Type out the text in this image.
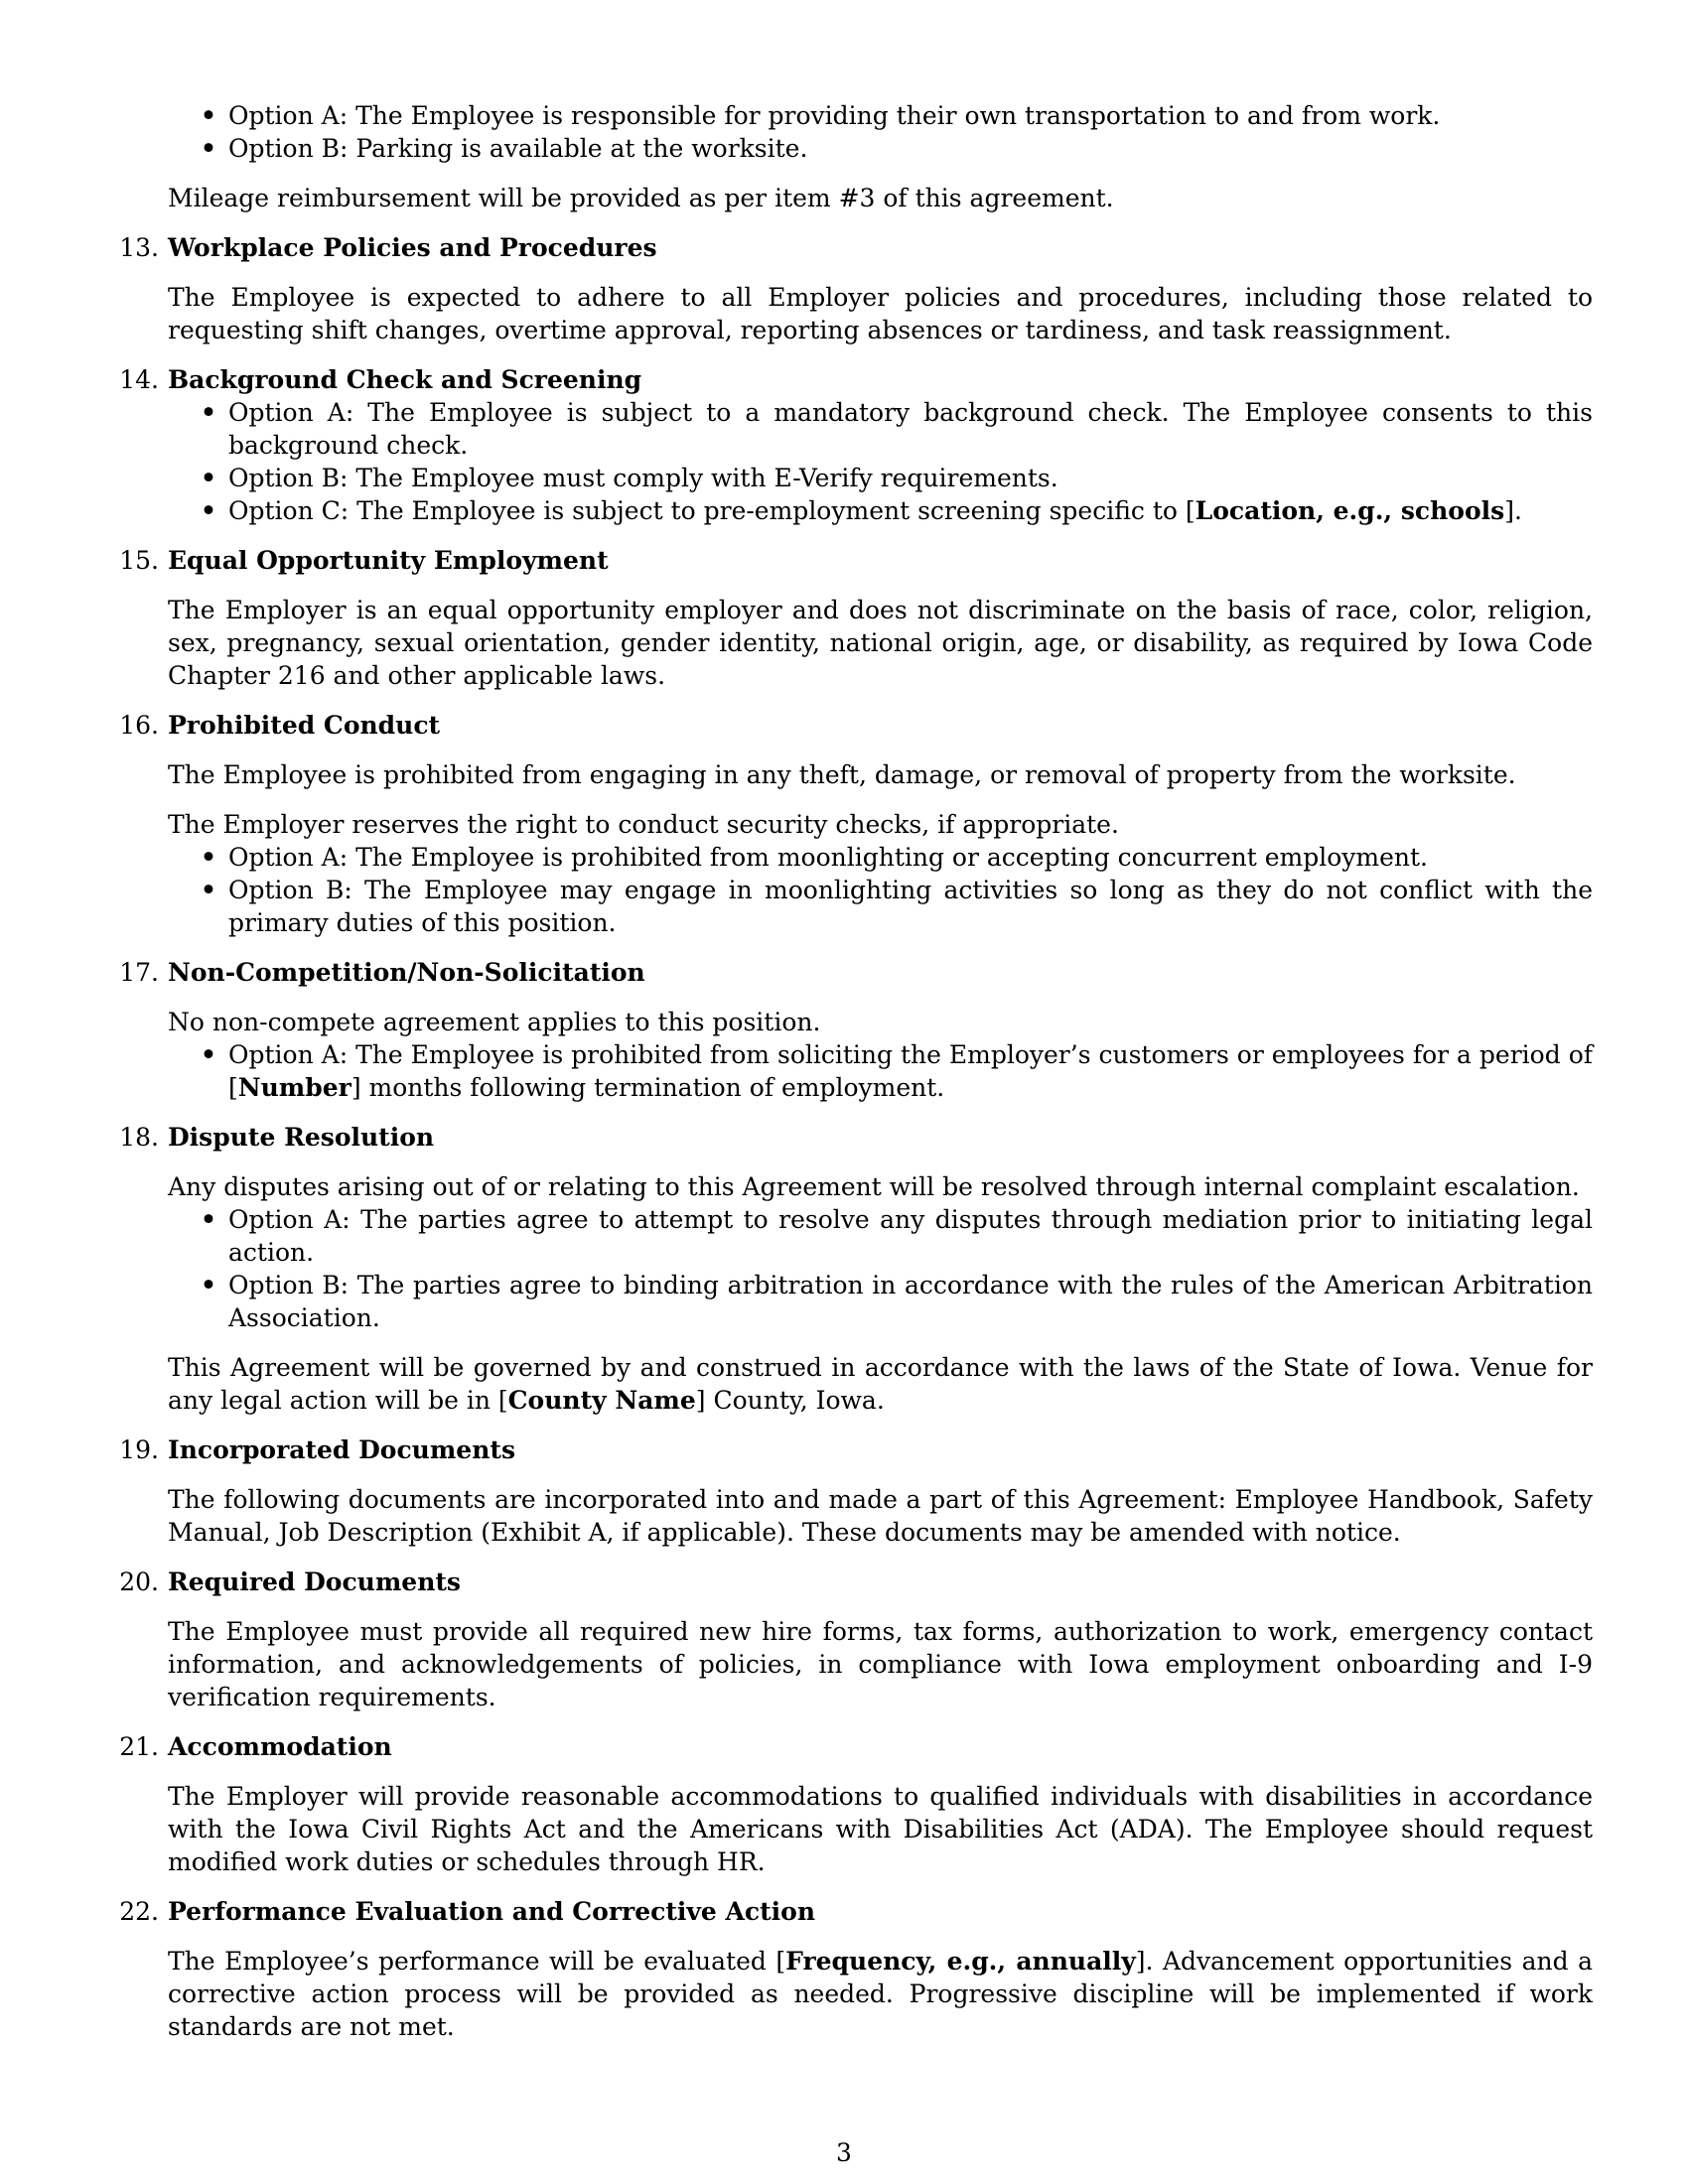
• Option A: The Employee is responsible for providing their own transportation to and from work.
• Option B: Parking is available at the worksite.
Mileage reimbursement will be provided as per item #3 of this agreement.
13. Workplace Policies and Procedures
The Employee is expected to adhere to all Employer policies and procedures, including those related to requesting shift changes, overtime approval, reporting absences or tardiness, and task reassignment.
14. Background Check and Screening
• Option A: The Employee is subject to a mandatory background check. The Employee consents to this background check.
• Option B: The Employee must comply with E-Verify requirements.
• Option C: The Employee is subject to pre-employment screening specific to [Location, e.g., schools].
15. Equal Opportunity Employment
The Employer is an equal opportunity employer and does not discriminate on the basis of race, color, religion, sex, pregnancy, sexual orientation, gender identity, national origin, age, or disability, as required by Iowa Code Chapter 216 and other applicable laws.
16. Prohibited Conduct
The Employee is prohibited from engaging in any theft, damage, or removal of property from the worksite.
The Employer reserves the right to conduct security checks, if appropriate.
• Option A: The Employee is prohibited from moonlighting or accepting concurrent employment.
• Option B: The Employee may engage in moonlighting activities so long as they do not conflict with the primary duties of this position.
17. Non-Competition/Non-Solicitation
No non-compete agreement applies to this position.
• Option A: The Employee is prohibited from soliciting the Employer’s customers or employees for a period of [Number] months following termination of employment.
18. Dispute Resolution
Any disputes arising out of or relating to this Agreement will be resolved through internal complaint escalation.
• Option A: The parties agree to attempt to resolve any disputes through mediation prior to initiating legal action.
• Option B: The parties agree to binding arbitration in accordance with the rules of the American Arbitration Association.
This Agreement will be governed by and construed in accordance with the laws of the State of Iowa. Venue for any legal action will be in [County Name] County, Iowa.
19. Incorporated Documents
The following documents are incorporated into and made a part of this Agreement: Employee Handbook, Safety Manual, Job Description (Exhibit A, if applicable). These documents may be amended with notice.
20. Required Documents
The Employee must provide all required new hire forms, tax forms, authorization to work, emergency contact information, and acknowledgements of policies, in compliance with Iowa employment onboarding and I-9 verification requirements.
21. Accommodation
The Employer will provide reasonable accommodations to qualified individuals with disabilities in accordance with the Iowa Civil Rights Act and the Americans with Disabilities Act (ADA). The Employee should request modified work duties or schedules through HR.
22. Performance Evaluation and Corrective Action
The Employee’s performance will be evaluated [Frequency, e.g., annually]. Advancement opportunities and a corrective action process will be provided as needed. Progressive discipline will be implemented if work standards are not met.
3
